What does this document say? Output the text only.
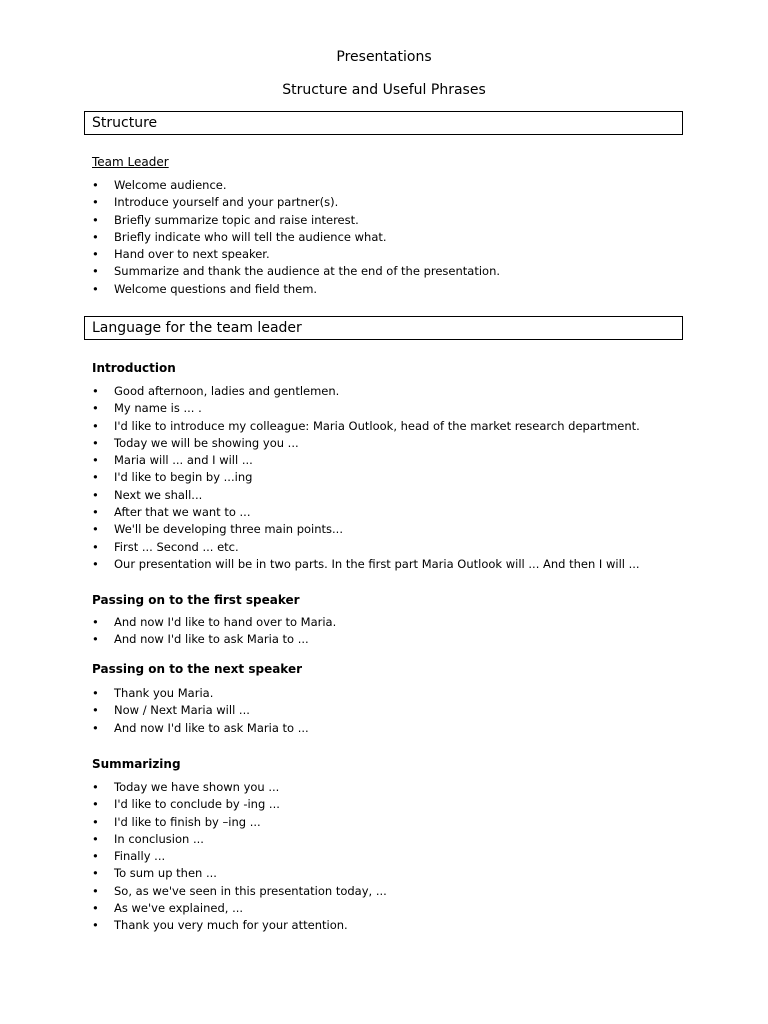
Presentations
Structure and Useful Phrases
Structure
Team Leader
• Welcome audience.
• Introduce yourself and your partner(s).
• Briefly summarize topic and raise interest.
• Briefly indicate who will tell the audience what.
• Hand over to next speaker.
• Summarize and thank the audience at the end of the presentation.
• Welcome questions and field them.
Language for the team leader
Introduction
• Good afternoon, ladies and gentlemen.
• My name is ... .
• I'd like to introduce my colleague: Maria Outlook, head of the market research department.
• Today we will be showing you ...
• Maria will ... and I will ...
• I'd like to begin by ...ing
• Next we shall...
• After that we want to ...
• We'll be developing three main points...
• First ... Second ... etc.
• Our presentation will be in two parts. In the first part Maria Outlook will ... And then I will ...
Passing on to the first speaker
• And now I'd like to hand over to Maria.
• And now I'd like to ask Maria to ...
Passing on to the next speaker
• Thank you Maria.
• Now / Next Maria will ...
• And now I'd like to ask Maria to ...
Summarizing
• Today we have shown you ...
• I'd like to conclude by -ing ...
• I'd like to finish by –ing ...
• In conclusion ...
• Finally ...
• To sum up then ...
• So, as we've seen in this presentation today, ...
• As we've explained, ...
• Thank you very much for your attention.
